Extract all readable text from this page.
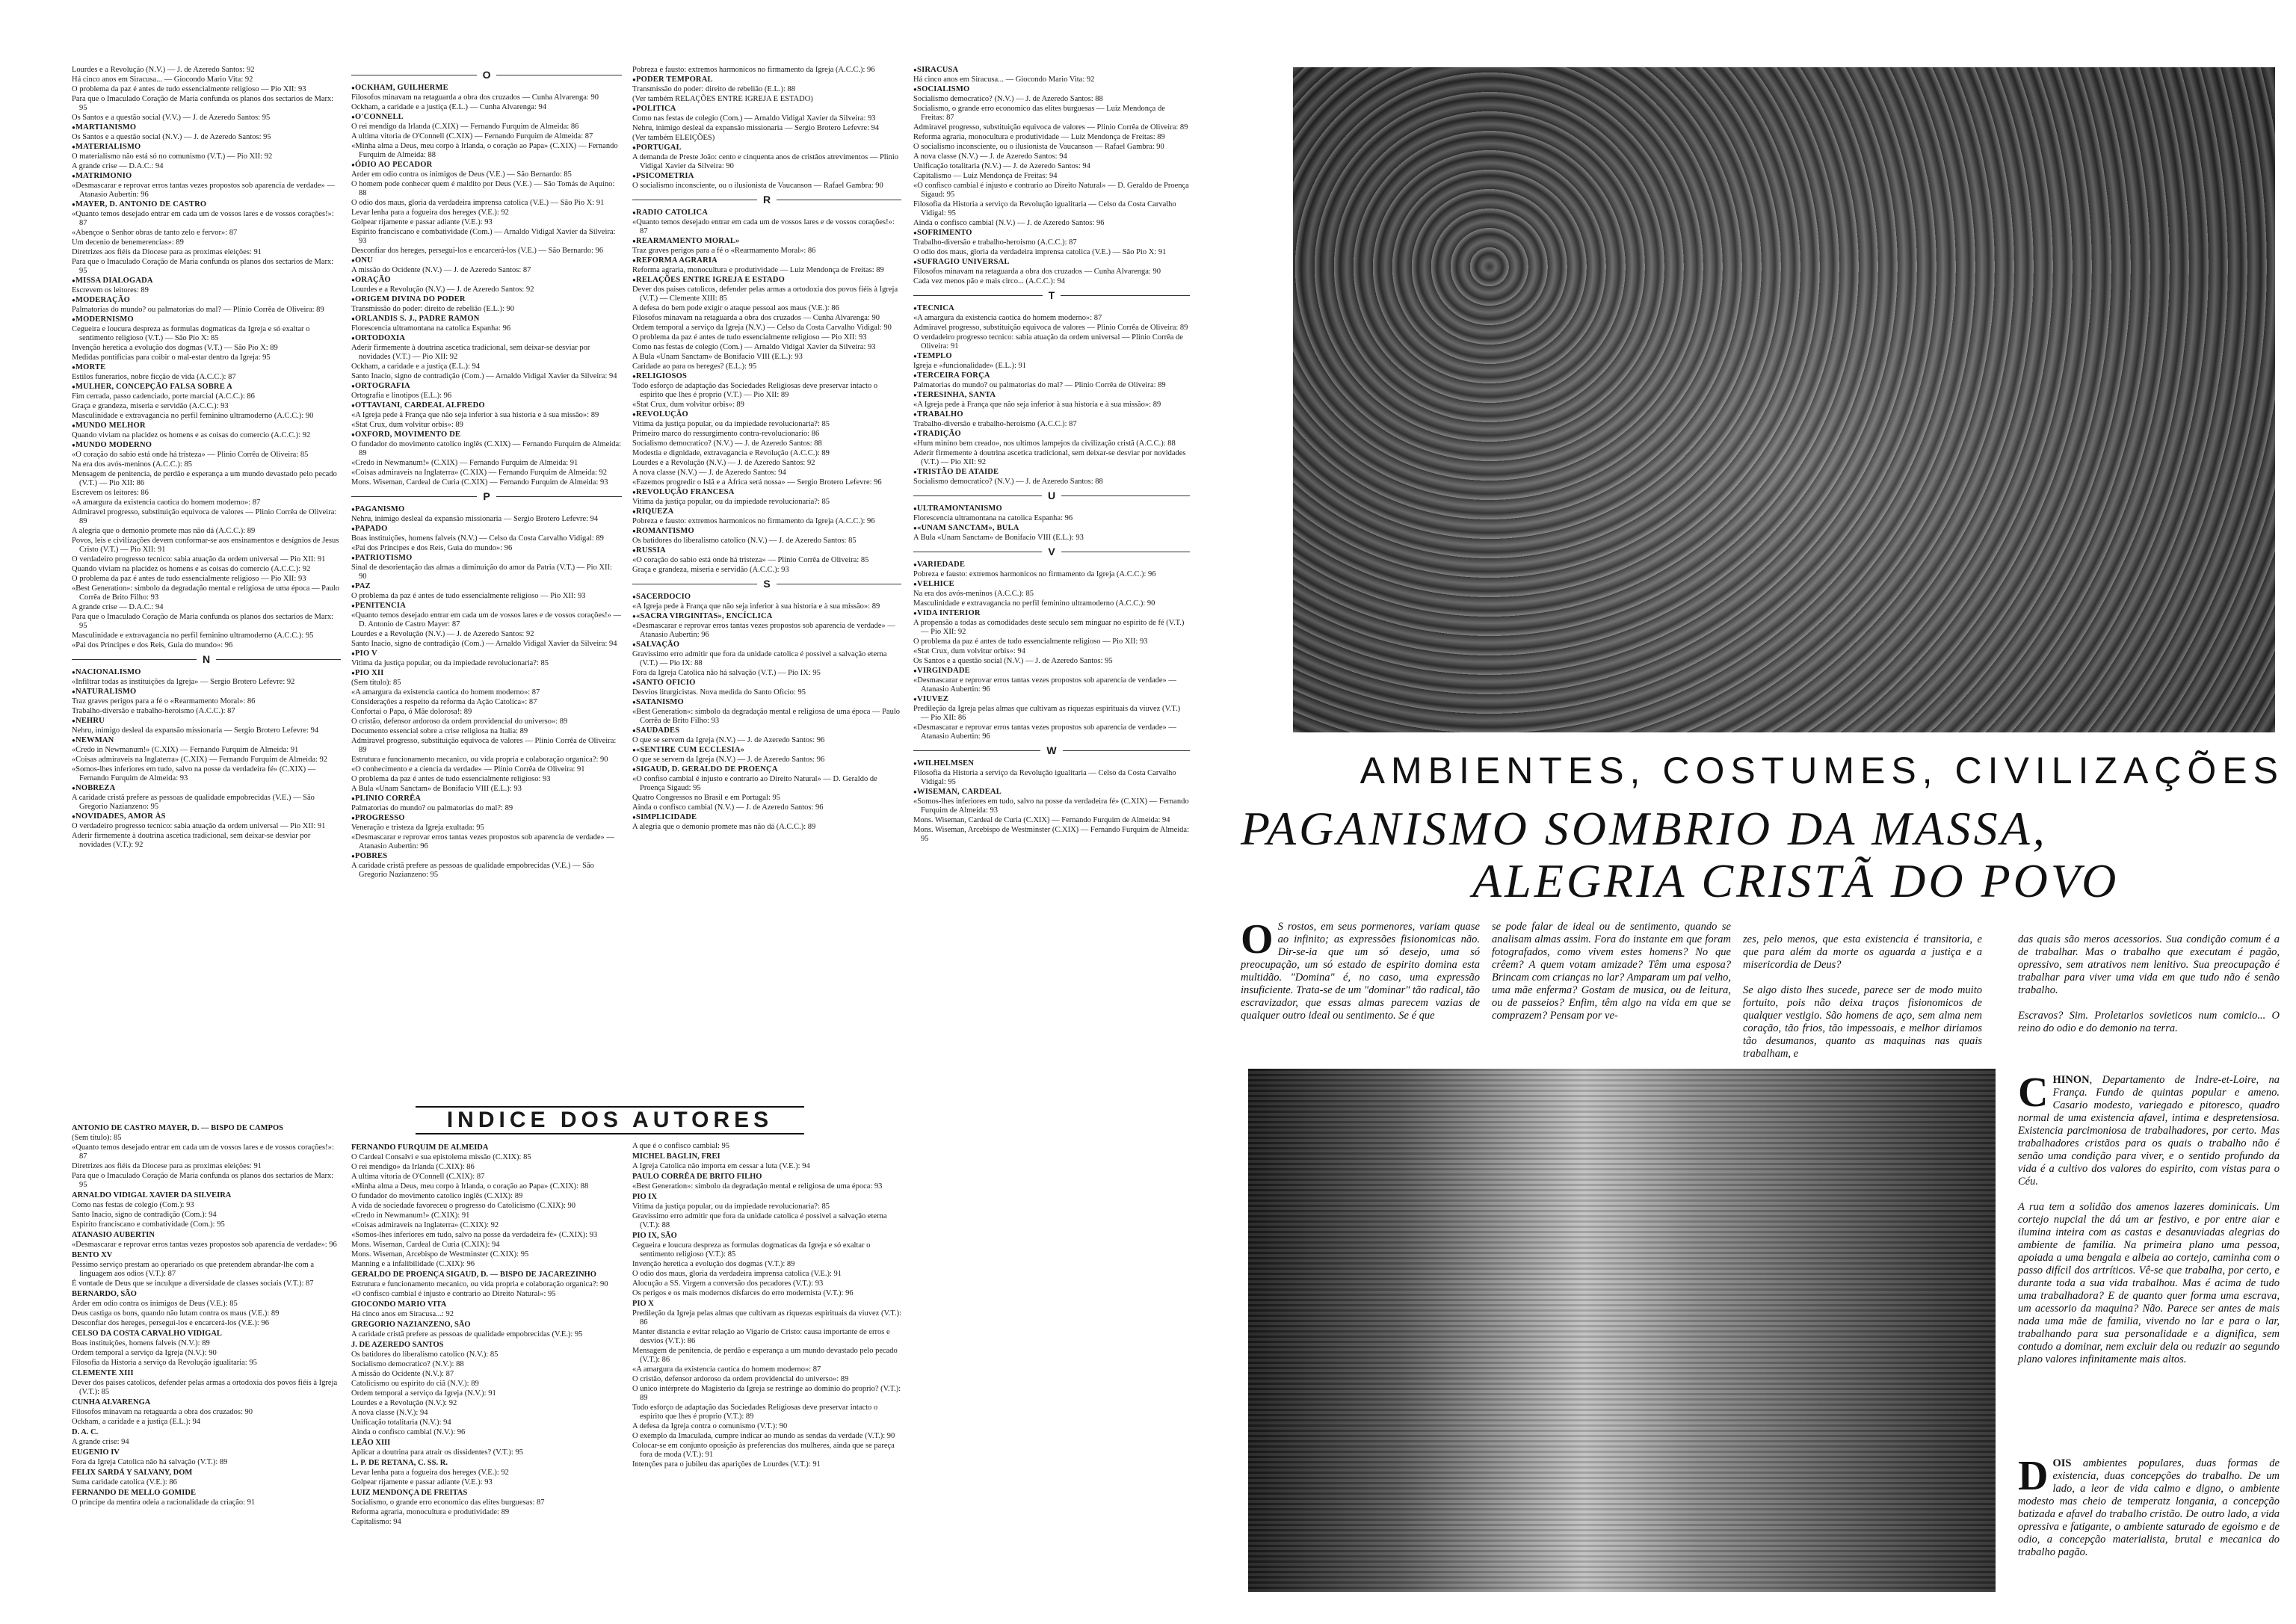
Lourdes e a Revolução (N.V.) — J. de Azeredo Santos: 92
Há cinco anos em Siracusa... — Giocondo Mario Vita: 92
O problema da paz é antes de tudo essencialmente religioso — Pio XII: 93
Para que o Imaculado Coração de Maria confunda os planos dos sectarios de Marx: 95
Os Santos e a questão social (V.V.) — J. de Azeredo Santos: 95
● MARTIANISMO
Os Santos e a questão social (N.V.) — J. de Azeredo Santos: 95
● MATERIALISMO
O materialismo não está só no comunismo (V.T.) — Pio XII: 92
A grande crise — D.A.C.: 94
● MATRIMONIO
«Desmascarar e reprovar erros tantas vezes propostos sob aparencia de verdade» — Atanasio Aubertin: 96
● MAYER, D. ANTONIO DE CASTRO
«Quanto temos desejado entrar em cada um de vossos lares e de vossos corações!»: 87
«Abençoe o Senhor obras de tanto zelo e fervor»: 87
Um decenio de benemerencias»: 89
Diretrizes aos fiéis da Diocese para as proximas eleições: 91
Para que o Imaculado Coração de Maria confunda os planos dos sectarios de Marx: 95
● MISSA DIALOGADA
Escrevem os leitores: 89
● MODERAÇÃO
Palmatorias do mundo? ou palmatorias do mal? — Plinio Corrêa de Oliveira: 89
● MODERNISMO
Cegueira e loucura despreza as formulas dogmaticas da Igreja e só exaltar o sentimento religioso (V.T.) — São Pio X: 85
Invenção heretica a evolução dos dogmas (V.T.) — São Pio X: 89
Medidas pontificias para coibir o mal-estar dentro da Igreja: 95
● MORTE
Estilos funerarios, nobre ficção de vida (A.C.C.): 87
● MULHER, CONCEPÇÃO FALSA SOBRE A
Fim cerrada, passo cadenciado, porte marcial (A.C.C.): 86
Graça e grandeza, miseria e servidão (A.C.C.): 93
Masculinidade e extravagancia no perfil feminino ultramoderno (A.C.C.): 90
● MUNDO MELHOR
Quando viviam na placidez os homens e as coisas do comercio (A.C.C.): 92
● MUNDO MODERNO
«O coração do sabio está onde há tristeza» — Plinio Corrêa de Oliveira: 85
Na era dos avós-meninos (A.C.C.): 85
Mensagem de penitencia, de perdão e esperança a um mundo devastado pelo pecado (V.T.) — Pio XII: 86
Escrevem os leitores: 86
«A amargura da existencia caotica do homem moderno»: 87
Admiravel progresso, substituição equivoca de valores — Plinio Corrêa de Oliveira: 89
A alegria que o demonio promete mas não dá (A.C.C.): 89
Povos, leis e civilizações devem conformar-se aos ensinamentos e desígnios de Jesus Cristo (V.T.) — Pio XII: 91
O verdadeiro progresso tecnico: sabia atuação da ordem universal — Pio XII: 91
Quando viviam na placidez os homens e as coisas do comercio (A.C.C.): 92
O problema da paz é antes de tudo essencialmente religioso — Pio XII: 93
«Best Generation»: simbolo da degradação mental e religiosa de uma época — Paulo Corrêa de Brito Filho: 93
A grande crise — D.A.C.: 94
Para que o Imaculado Coração de Maria confunda os planos dos sectarios de Marx: 95
Masculinidade e extravagancia no perfil feminino ultramoderno (A.C.C.): 95
«Pai dos Principes e dos Reis, Guia do mundo»: 96
N
● NACIONALISMO
«Infiltrar todas as instituições da Igreja» — Sergio Brotero Lefevre: 92
● NATURALISMO
Traz graves perigos para a fé o «Rearmamento Moral»: 86
Trabalho-diversão e trabalho-heroismo (A.C.C.): 87
● NEHRU
Nehru, inimigo desleal da expansão missionaria — Sergio Brotero Lefevre: 94
● NEWMAN
«Credo in Newmanum!» (C.XIX) — Fernando Furquim de Almeida: 91
«Coisas admiraveis na Inglaterra» (C.XIX) — Fernando Furquim de Almeida: 92
«Somos-lhes inferiores em tudo, salvo na posse da verdadeira fé» (C.XIX) — Fernando Furquim de Almeida: 93
● NOBREZA
A caridade cristã prefere as pessoas de qualidade empobrecidas (V.E.) — São Gregorio Nazianzeno: 95
● NOVIDADES, AMOR ÀS
O verdadeiro progresso tecnico: sabia atuação da ordem universal — Pio XII: 91
Aderir firmemente à doutrina ascetica tradicional, sem deixar-se desviar por novidades (V.T.): 92
O
● OCKHAM, GUILHERME
Filosofos minavam na retaguarda a obra dos cruzados — Cunha Alvarenga: 90
Ockham, a caridade e a justiça (E.L.) — Cunha Alvarenga: 94
● O'CONNELL
O rei mendigo da Irlanda (C.XIX) — Fernando Furquim de Almeida: 86
A ultima vitoria de O'Connell (C.XIX) — Fernando Furquim de Almeida: 87
«Minha alma a Deus, meu corpo à Irlanda, o coração ao Papa» (C.XIX) — Fernando Furquim de Almeida: 88
● ÓDIO AO PECADOR
Arder em odio contra os inimigos de Deus (V.E.) — São Bernardo: 85
O homem pode conhecer quem é maldito por Deus (V.E.) — São Tomás de Aquino: 88
O odio dos maus, gloria da verdadeira imprensa catolica (V.E.) — São Pio X: 91
Levar lenha para a fogueira dos hereges (V.E.): 92
Golpear rijamente e passar adiante (V.E.): 93
Espírito franciscano e combatividade (Com.) — Arnaldo Vidigal Xavier da Silveira: 93
Desconfiar dos hereges, persegui-los e encarcerá-los (V.E.) — São Bernardo: 96
● ONU
A missão do Ocidente (N.V.) — J. de Azeredo Santos: 87
● ORAÇÃO
Lourdes e a Revolução (N.V.) — J. de Azeredo Santos: 92
● ORIGEM DIVINA DO PODER
Transmissão do poder: direito de rebelião (E.L.): 90
● ORLANDIS S. J., PADRE RAMON
Florescencia ultramontana na catolica Espanha: 96
● ORTODOXIA
Aderir firmemente à doutrina ascetica tradicional, sem deixar-se desviar por novidades (V.T.) — Pio XII: 92
Ockham, a caridade e a justiça (E.L.): 94
Santo Inacio, signo de contradição (Com.) — Arnaldo Vidigal Xavier da Silveira: 94
● ORTOGRAFIA
Ortografia e linotipos (E.L.): 96
● OTTAVIANI, CARDEAL ALFREDO
«A Igreja pede à França que não seja inferior à sua historia e à sua missão»: 89
«Stat Crux, dum volvitur orbis»: 89
● OXFORD, MOVIMENTO DE
O fundador do movimento catolico inglês (C.XIX) — Fernando Furquim de Almeida: 89
«Credo in Newmanum!» (C.XIX) — Fernando Furquim de Almeida: 91
«Coisas admiraveis na Inglaterra» (C.XIX) — Fernando Furquim de Almeida: 92
Mons. Wiseman, Cardeal de Curia (C.XIX) — Fernando Furquim de Almeida: 93
P
● PAGANISMO
Nehru, inimigo desleal da expansão missionaria — Sergio Brotero Lefevre: 94
● PAPADO
Boas instituições, homens falveis (N.V.) — Celso da Costa Carvalho Vidigal: 89
«Pai dos Principes e dos Reis, Guia do mundo»: 96
● PATRIOTISMO
Sinal de desorientação das almas a diminuição do amor da Patria (V.T.) — Pio XII: 90
● PAZ
O problema da paz é antes de tudo essencialmente religioso — Pio XII: 93
● PENITENCIA
«Quanto temos desejado entrar em cada um de vossos lares e de vossos corações!» — D. Antonio de Castro Mayer: 87
Lourdes e a Revolução (N.V.) — J. de Azeredo Santos: 92
Santo Inacio, signo de contradição (Com.) — Arnaldo Vidigal Xavier da Silveira: 94
● PIO V
Vitima da justiça popular, ou da impiedade revolucionaria?: 85
● PIO XII
(Sem titulo): 85
«A amargura da existencia caotica do homem moderno»: 87
Considerações a respeito da reforma da Ação Catolica»: 87
Confortai o Papa, ó Mãe dolorosa!: 89
O cristão, defensor ardoroso da ordem providencial do universo»: 89
Documento essencial sobre a crise religiosa na Italia: 89
Admiravel progresso, substituição equivoca de valores — Plinio Corrêa de Oliveira: 89
Estrutura e funcionamento mecanico, ou vida propria e colaboração organica?: 90
«O conhecimento e a ciencia da verdade» — Plinio Corrêa de Oliveira: 91
O problema da paz é antes de tudo essencialmente religioso: 93
A Bula «Unam Sanctam» de Bonifacio VIII (E.L.): 93
● PLINIO CORRÊA
Palmatorias do mundo? ou palmatorias do mal?: 89
● PROGRESSO
Veneração e tristeza da Igreja exultada: 95
«Desmascarar e reprovar erros tantas vezes propostos sob aparencia de verdade» — Atanasio Aubertin: 96
● POBRES
A caridade cristã prefere as pessoas de qualidade empobrecidas (V.E.) — São Gregorio Nazianzeno: 95
Pobreza e fausto: extremos harmonicos no firmamento da Igreja (A.C.C.): 96
● PODER TEMPORAL
Transmissão do poder: direito de rebelião (E.L.): 88
(Ver também RELAÇÕES ENTRE IGREJA E ESTADO)
● POLITICA
Como nas festas de colegio (Com.) — Arnaldo Vidigal Xavier da Silveira: 93
Nehru, inimigo desleal da expansão missionaria — Sergio Brotero Lefevre: 94
(Ver também ELEIÇÕES)
● PORTUGAL
A demanda de Preste João: cento e cinquenta anos de cristãos atrevimentos — Plinio Vidigal Xavier da Silveira: 90
● PSICOMETRIA
O socialismo inconsciente, ou o ilusionista de Vaucanson — Rafael Gambra: 90
R
● RADIO CATOLICA
«Quanto temos desejado entrar em cada um de vossos lares e de vossos corações!»: 87
● REARMAMENTO MORAL»
Traz graves perigos para a fé o «Rearmamento Moral»: 86
● REFORMA AGRARIA
Reforma agraria, monocultura e produtividade — Luiz Mendonça de Freitas: 89
● RELAÇÕES ENTRE IGREJA E ESTADO
Dever dos paises catolicos, defender pelas armas a ortodoxia dos povos fiéis à Igreja (V.T.) — Clemente XIII: 85
A defesa do bem pode exigir o ataque pessoal aos maus (V.E.): 86
Filosofos minavam na retaguarda a obra dos cruzados — Cunha Alvarenga: 90
Ordem temporal a serviço da Igreja (N.V.) — Celso da Costa Carvalho Vidigal: 90
O problema da paz é antes de tudo essencialmente religioso — Pio XII: 93
Como nas festas de colegio (Com.) — Arnaldo Vidigal Xavier da Silveira: 93
A Bula «Unam Sanctam» de Bonifacio VIII (E.L.): 93
Caridade ao para os hereges? (E.L.): 95
● RELIGIOSOS
Todo esforço de adaptação das Sociedades Religiosas deve preservar intacto o espirito que lhes é proprio (V.T.) — Pio XII: 89
«Stat Crux, dum volvitur orbis»: 89
● REVOLUÇÃO
Vitima da justiça popular, ou da impiedade revolucionaria?: 85
Primeiro marco do ressurgimento contra-revolucionario: 86
Socialismo democratico? (N.V.) — J. de Azeredo Santos: 88
Modestia e dignidade, extravagancia e Revolução (A.C.C.): 89
Lourdes e a Revolução (N.V.) — J. de Azeredo Santos: 92
A nova classe (N.V.) — J. de Azeredo Santos: 94
«Fazemos progredir o Islã e a África será nossa» — Sergio Brotero Lefevre: 96
● REVOLUÇÃO FRANCESA
Vitima da justiça popular, ou da impiedade revolucionaria?: 85
● RIQUEZA
Pobreza e fausto: extremos harmonicos no firmamento da Igreja (A.C.C.): 96
● ROMANTISMO
Os batidores do liberalismo catolico (N.V.) — J. de Azeredo Santos: 85
● RUSSIA
«O coração do sabio está onde há tristeza» — Plinio Corrêa de Oliveira: 85
Graça e grandeza, miseria e servidão (A.C.C.): 93
S
● SACERDOCIO
«A Igreja pede à França que não seja inferior à sua historia e à sua missão»: 89
● «SACRA VIRGINITAS», ENCÍCLICA
«Desmascarar e reprovar erros tantas vezes propostos sob aparencia de verdade» — Atanasio Aubertin: 96
● SALVAÇÃO
Gravissimo erro admitir que fora da unidade catolica é possivel a salvação eterna (V.T.) — Pio IX: 88
Fora da Igreja Catolica não há salvação (V.T.) — Pio IX: 95
● SANTO OFICIO
Desvios liturgicistas. Nova medida do Santo Oficio: 95
● SATANISMO
«Best Generation»: simbolo da degradação mental e religiosa de uma época — Paulo Corrêa de Brito Filho: 93
● SAUDADES
O que se servem da Igreja (N.V.) — J. de Azeredo Santos: 96
● «SENTIRE CUM ECCLESIA»
O que se servem da Igreja (N.V.) — J. de Azeredo Santos: 96
● SIGAUD, D. GERALDO DE PROENÇA
«O confiso cambial é injusto e contrario ao Direito Natural» — D. Geraldo de Proença Sigaud: 95
Quatro Congressos no Brasil e em Portugal: 95
Ainda o confisco cambial (N.V.) — J. de Azeredo Santos: 96
● SIMPLICIDADE
A alegria que o demonio promete mas não dá (A.C.C.): 89
● SIRACUSA
Há cinco anos em Siracusa... — Giocondo Mario Vita: 92
● SOCIALISMO
Socialismo democratico? (N.V.) — J. de Azeredo Santos: 88
Socialismo, o grande erro economico das elites burguesas — Luiz Mendonça de Freitas: 87
Admiravel progresso, substituição equivoca de valores — Plinio Corrêa de Oliveira: 89
Reforma agraria, monocultura e produtividade — Luiz Mendonça de Freitas: 89
O socialismo inconsciente, ou o ilusionista de Vaucanson — Rafael Gambra: 90
A nova classe (N.V.) — J. de Azeredo Santos: 94
Unificação totalitaria (N.V.) — J. de Azeredo Santos: 94
Capitalismo — Luiz Mendonça de Freitas: 94
«O confisco cambial é injusto e contrario ao Direito Natural» — D. Geraldo de Proença Sigaud: 95
Filosofia da Historia a serviço da Revolução igualitaria — Celso da Costa Carvalho Vidigal: 95
Ainda o confisco cambial (N.V.) — J. de Azeredo Santos: 96
● SOFRIMENTO
Trabalho-diversão e trabalho-heroismo (A.C.C.): 87
O odio dos maus, gloria da verdadeira imprensa catolica (V.E.) — São Pio X: 91
● SUFRAGIO UNIVERSAL
Filosofos minavam na retaguarda a obra dos cruzados — Cunha Alvarenga: 90
Cada vez menos pão e mais circo... (A.C.C.): 94
T
● TECNICA
«A amargura da existencia caotica do homem moderno»: 87
Admiravel progresso, substituição equivoca de valores — Plinio Corrêa de Oliveira: 89
O verdadeiro progresso tecnico: sabia atuação da ordem universal — Plinio Corrêa de Oliveira: 91
● TEMPLO
Igreja e «funcionalidade» (E.L.): 91
● TERCEIRA FORÇA
Palmatorias do mundo? ou palmatorias do mal? — Plinio Corrêa de Oliveira: 89
● TERESINHA, SANTA
«A Igreja pede à França que não seja inferior à sua historia e à sua missão»: 89
● TRABALHO
Trabalho-diversão e trabalho-heroismo (A.C.C.): 87
● TRADIÇÃO
«Hum minino bem creado», nos ultimos lampejos da civilização cristã (A.C.C.): 88
Aderir firmemente à doutrina ascetica tradicional, sem deixar-se desviar por novidades (V.T.) — Pio XII: 92
● TRISTÃO DE ATAIDE
Socialismo democratico? (N.V.) — J. de Azeredo Santos: 88
U
● ULTRAMONTANISMO
Florescencia ultramontana na catolica Espanha: 96
● «UNAM SANCTAM», BULA
A Bula «Unam Sanctam» de Bonifacio VIII (E.L.): 93
V
● VARIEDADE
Pobreza e fausto: extremos harmonicos no firmamento da Igreja (A.C.C.): 96
● VELHICE
Na era dos avós-meninos (A.C.C.): 85
Masculinidade e extravagancia no perfil feminino ultramoderno (A.C.C.): 90
● VIDA INTERIOR
A propensão a todas as comodidades deste seculo sem minguar no espirito de fé (V.T.) — Pio XII: 92
O problema da paz é antes de tudo essencialmente religioso — Pio XII: 93
«Stat Crux, dum volvitur orbis»: 94
Os Santos e a questão social (N.V.) — J. de Azeredo Santos: 95
● VIRGINDADE
«Desmascarar e reprovar erros tantas vezes propostos sob aparencia de verdade» — Atanasio Aubertin: 96
● VIUVEZ
Predileção da Igreja pelas almas que cultivam as riquezas espirituais da viuvez (V.T.) — Pio XII: 86
«Desmascarar e reprovar erros tantas vezes propostos sob aparencia de verdade» — Atanasio Aubertin: 96
W
● WILHELMSEN
Filosofia da Historia a serviço da Revolução igualitaria — Celso da Costa Carvalho Vidigal: 95
● WISEMAN, CARDEAL
«Somos-lhes inferiores em tudo, salvo na posse da verdadeira fé» (C.XIX) — Fernando Furquim de Almeida: 93
Mons. Wiseman, Cardeal de Curia (C.XIX) — Fernando Furquim de Almeida: 94
Mons. Wiseman, Arcebispo de Westminster (C.XIX) — Fernando Furquim de Almeida: 95
INDICE DOS AUTORES
ANTONIO DE CASTRO MAYER, D. — BISPO DE CAMPOS
(Sem titulo): 85
«Quanto temos desejado entrar em cada um de vossos lares e de vossos corações!»: 87
Diretrizes aos fiéis da Diocese para as proximas eleições: 91
Para que o Imaculado Coração de Maria confunda os planos dos sectarios de Marx: 95
ARNALDO VIDIGAL XAVIER DA SILVEIRA
Como nas festas de colegio (Com.): 93
Santo Inacio, signo de contradição (Com.): 94
Espirito franciscano e combatividade (Com.): 95
ATANASIO AUBERTIN
«Desmascarar e reprovar erros tantas vezes propostos sob aparencia de verdade»: 96
BENTO XV
Pessimo serviço prestam ao operariado os que pretendem abrandar-lhe com a linguagem aos odios (V.T.): 87
É vontade de Deus que se inculque a diversidade de classes sociais (V.T.): 87
BERNARDO, SÃO
Arder em odio contra os inimigos de Deus (V.E.): 85
Deus castiga os bons, quando não lutam contra os maus (V.E.): 89
Desconfiar dos hereges, persegui-los e encarcerá-los (V.E.): 96
CELSO DA COSTA CARVALHO VIDIGAL
Boas instituições, homens falveis (N.V.): 89
Ordem temporal a serviço da Igreja (N.V.): 90
Filosofia da Historia a serviço da Revolução igualitaria: 95
CLEMENTE XIII
Dever dos paises catolicos, defender pelas armas a ortodoxia dos povos fiéis à Igreja (V.T.): 85
CUNHA ALVARENGA
Filosofos minavam na retaguarda a obra dos cruzados: 90
Ockham, a caridade e a justiça (E.L.): 94
D. A. C.
A grande crise: 94
EUGENIO IV
Fora da Igreja Catolica não há salvação (V.T.): 89
FELIX SARDÁ Y SALVANY, DOM
Suma caridade catolica (V.E.): 86
FERNANDO DE MELLO GOMIDE
O principe da mentira odeia a racionalidade da criação: 91
FERNANDO FURQUIM DE ALMEIDA
O Cardeal Consalvi e sua epistolema missão (C.XIX): 85
O rei mendigo» da Irlanda (C.XIX): 86
A ultima vitoria de O'Connell (C.XIX): 87
«Minha alma a Deus, meu corpo à Irlanda, o coração ao Papa» (C.XIX): 88
O fundador do movimento catolico inglês (C.XIX): 89
A vida de sociedade favoreceu o progresso do Catolicismo (C.XIX): 90
«Credo in Newmanum!» (C.XIX): 91
«Coisas admiraveis na Inglaterra» (C.XIX): 92
«Somos-lhes inferiores em tudo, salvo na posse da verdadeira fé» (C.XIX): 93
Mons. Wiseman, Cardeal de Curia (C.XIX): 94
Mons. Wiseman, Arcebispo de Westminster (C.XIX): 95
Manning e a infalibilidade (C.XIX): 96
GERALDO DE PROENÇA SIGAUD, D. — BISPO DE JACAREZINHO
Estrutura e funcionamento mecanico, ou vida propria e colaboração organica?: 90
«O confisco cambial é injusto e contrario ao Direito Natural»: 95
GIOCONDO MARIO VITA
Há cinco anos em Siracusa...: 92
GREGORIO NAZIANZENO, SÃO
A caridade cristã prefere as pessoas de qualidade empobrecidas (V.E.): 95
J. DE AZEREDO SANTOS
Os batidores do liberalismo catolico (N.V.): 85
Socialismo democratico? (N.V.): 88
A missão do Ocidente (N.V.): 87
Catolicismo ou espirito do ciã (N.V.): 89
Ordem temporal a serviço da Igreja (N.V.): 91
Lourdes e a Revolução (N.V.): 92
A nova classe (N.V.): 94
Unificação totalitaria (N.V.): 94
Ainda o confisco cambial (N.V.): 96
LEÃO XIII
Aplicar a doutrina para atrair os dissidentes? (V.T.): 95
L. P. DE RETANA, C. SS. R.
Levar lenha para a fogueira dos hereges (V.E.): 92
Golpear rijamente e passar adiante (V.E.): 93
LUIZ MENDONÇA DE FREITAS
Socialismo, o grande erro economico das elites burguesas: 87
Reforma agraria, monocultura e produtividade: 89
Capitalismo: 94
A que é o confisco cambial: 95
MICHEL BAGLIN, FREI
A Igreja Catolica não importa em cessar a luta (V.E.): 94
PAULO CORRÊA DE BRITO FILHO
«Best Generation»: simbolo da degradação mental e religiosa de uma época: 93
PIO IX
Vitima da justiça popular, ou da impiedade revolucionaria?: 85
Gravissimo erro admitir que fora da unidade catolica é possivel a salvação eterna (V.T.): 88
PIO IX, SÃO
Cegueira e loucura despreza as formulas dogmaticas da Igreja e só exaltar o sentimento religioso (V.T.): 85
Invenção heretica a evolução dos dogmas (V.T.): 89
O odio dos maus, gloria da verdadeira imprensa catolica (V.E.): 91
Alocução a SS. Virgem a conversão dos pecadores (V.T.): 93
Os perigos e os mais modernos disfarces do erro modernista (V.T.): 96
PIO X
Predileção da Igreja pelas almas que cultivam as riquezas espirituais da viuvez (V.T.): 86
Manter distancia e evitar relação ao Vigario de Cristo: causa importante de erros e desvios (V.T.): 86
Mensagem de penitencia, de perdão e esperança a um mundo devastado pelo pecado (V.T.): 86
«A amargura da existencia caotica do homem moderno»: 87
O cristão, defensor ardoroso da ordem providencial do universo»: 89
O unico intérprete do Magisterio da Igreja se restringe ao dominio do proprio? (V.T.): 89
Todo esforço de adaptação das Sociedades Religiosas deve preservar intacto o espirito que lhes é proprio (V.T.): 89
A defesa da Igreja contra o comunismo (V.T.): 90
O exemplo da Imaculada, cumpre indicar ao mundo as sendas da verdade (V.T.): 90
Colocar-se em conjunto oposição às preferencias dos mulheres, ainda que se pareça fora de moda (V.T.): 91
Intenções para o jubileu das aparições de Lourdes (V.T.): 91
AMBIENTES, COSTUMES, CIVILIZAÇÕES
PAGANISMO SOMBRIO DA MASSA,
ALEGRIA CRISTÃ DO POVO
O S rostos, em seus pormenores, variam quase ao infinito; as expressões fisionomicas não. Dir-se-ia que um só desejo, uma só preocupação, um só estado de espirito domina esta multidão. "Domina" é, no caso, uma expressão insuficiente. Trata-se de um "dominar" tão radical, tão escravizador, que essas almas parecem vazias de qualquer outro ideal ou sentimento. Se é que
se pode falar de ideal ou de sentimento, quando se analisam almas assim. Fora do instante em que foram fotografados, como vivem estes homens? No que crêem? A quem votam amizade? Têm uma esposa? Brincam com crianças no lar? Amparam um pai velho, uma mãe enferma? Gostam de musica, ou de leitura, ou de passeios? Enfim, têm algo na vida em que se comprazem? Pensam por ve-

zes, pelo menos, que esta existencia é transitoria, e que para além da morte os aguarda a justiça e a misericordia de Deus?

Se algo disto lhes sucede, parece ser de modo muito fortuito, pois não deixa traços fisionomicos de qualquer vestigio. São homens de aço, sem alma nem coração, tão frios, tão impessoais, e melhor diriamos tão desumanos, quanto as maquinas nas quais trabalham, e

das quais são meros acessorios. Sua condição comum é a de trabalhar. Mas o trabalho que executam é pagão, opressivo, sem atrativos nem lenitivo. Sua preocupação é trabalhar para viver uma vida em que tudo não é senão trabalho.

Escravos? Sim. Proletarios sovieticos num comicio... O reino do odio e do demonio na terra.

CHINON, Departamento de Indre-et-Loire, na França. Fundo de quintas popular e ameno. Casario modesto, variegado e pitoresco, quadro normal de uma existencia afavel, intima e despretensiosa. Existencia parcimoniosa de trabalhadores, por certo. Mas trabalhadores cristãos para os quais o trabalho não é senão uma condição para viver, e o sentido profundo da vida é a cultivo dos valores do espirito, com vistas para o Céu.

A rua tem a solidão dos amenos lazeres dominicais. Um cortejo nupcial the dá um ar festivo, e por entre aiar e ilumina inteira com as castas e desanuviadas alegrias do ambiente de familia. Na primeira plano uma pessoa, apoiada a uma bengala e albeia ao cortejo, caminha com o passo difícil dos artríticos. Vê-se que trabalha, por certo, e durante toda a sua vida trabalhou. Mas é acima de tudo uma trabalhadora? E de quanto quer forma uma escrava, um acessorio da maquina? Não. Parece ser antes de mais nada uma mãe de familia, vivendo no lar e para o lar, trabalhando para sua personalidade e a dignifica, sem contudo a dominar, nem excluir dela ou reduzir ao segundo plano valores infinitamente mais altos.

DOIS ambientes populares, duas formas de existencia, duas concepções do trabalho. De um lado, a leor de vida calmo e digno, o ambiente modesto mas cheio de temperatz longania, a concepção batizada e afavel do trabalho cristão. De outro lado, a vida opressiva e fatigante, o ambiente saturado de egoismo e de odio, a concepção materialista, brutal e mecanica do trabalho pagão.
